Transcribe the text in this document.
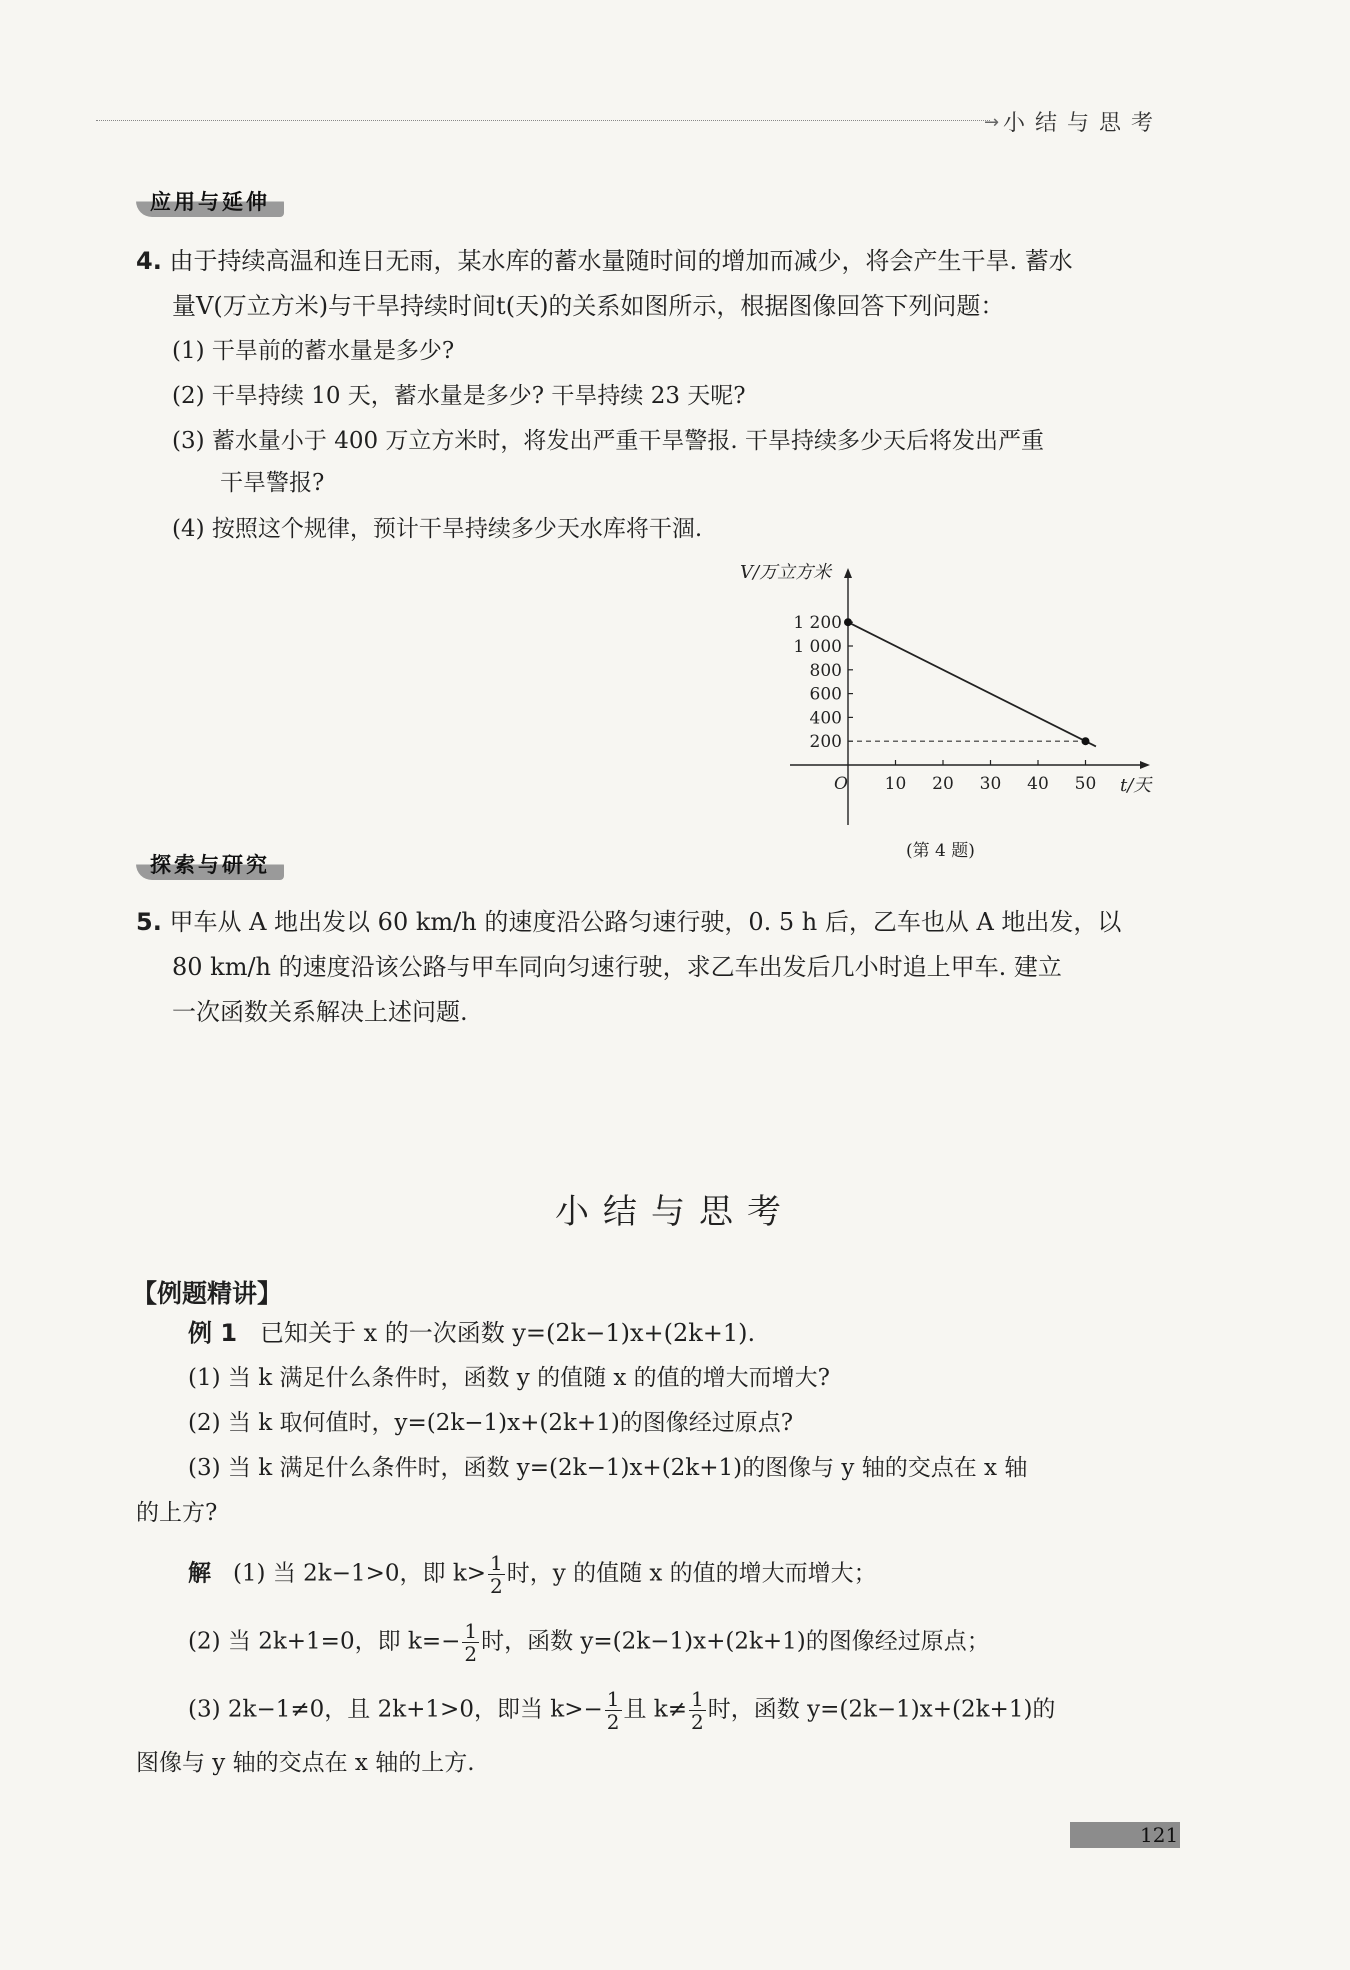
→ 小结与思考
应用与延伸
4. 由于持续高温和连日无雨，某水库的蓄水量随时间的增加而减少，将会产生干旱. 蓄水
量V(万立方米)与干旱持续时间t(天)的关系如图所示，根据图像回答下列问题：
(1) 干旱前的蓄水量是多少?
(2) 干旱持续 10 天，蓄水量是多少? 干旱持续 23 天呢?
(3) 蓄水量小于 400 万立方米时，将发出严重干旱警报. 干旱持续多少天后将发出严重
干旱警报?
(4) 按照这个规律，预计干旱持续多少天水库将干涸.
10 20 30 40 50
200
400
600
800
1 000
1 200
O	t/天
V/万立方米
(第 4 题)
探索与研究
5. 甲车从 A 地出发以 60 km/h 的速度沿公路匀速行驶，0. 5 h 后，乙车也从 A 地出发，以
80 km/h 的速度沿该公路与甲车同向匀速行驶，求乙车出发后几小时追上甲车. 建立
一次函数关系解决上述问题.
小结与思考
【例题精讲】
例 1 已知关于 x 的一次函数 y=(2k−1)x+(2k+1).
(1) 当 k 满足什么条件时，函数 y 的值随 x 的值的增大而增大?
(2) 当 k 取何值时，y=(2k−1)x+(2k+1)的图像经过原点?
(3) 当 k 满足什么条件时，函数 y=(2k−1)x+(2k+1)的图像与 y 轴的交点在 x 轴
的上方?
解 (1) 当 2k−1>0，即 $k> \frac{1}{2}$ 时，y 的值随 x 的值的增大而增大；
(2) 当 2k+1=0，即 $k=- \frac{1}{2}$ 时，函数 y=(2k−1)x+(2k+1)的图像经过原点；
(3) 2k−1≠0，且 2k+1>0，即当 $k>- \frac{1}{2}$ 且 $k\ne \frac{1}{2}$ 时，函数 y=(2k−1)x+(2k+1)的
图像与 y 轴的交点在 x 轴的上方.
121
